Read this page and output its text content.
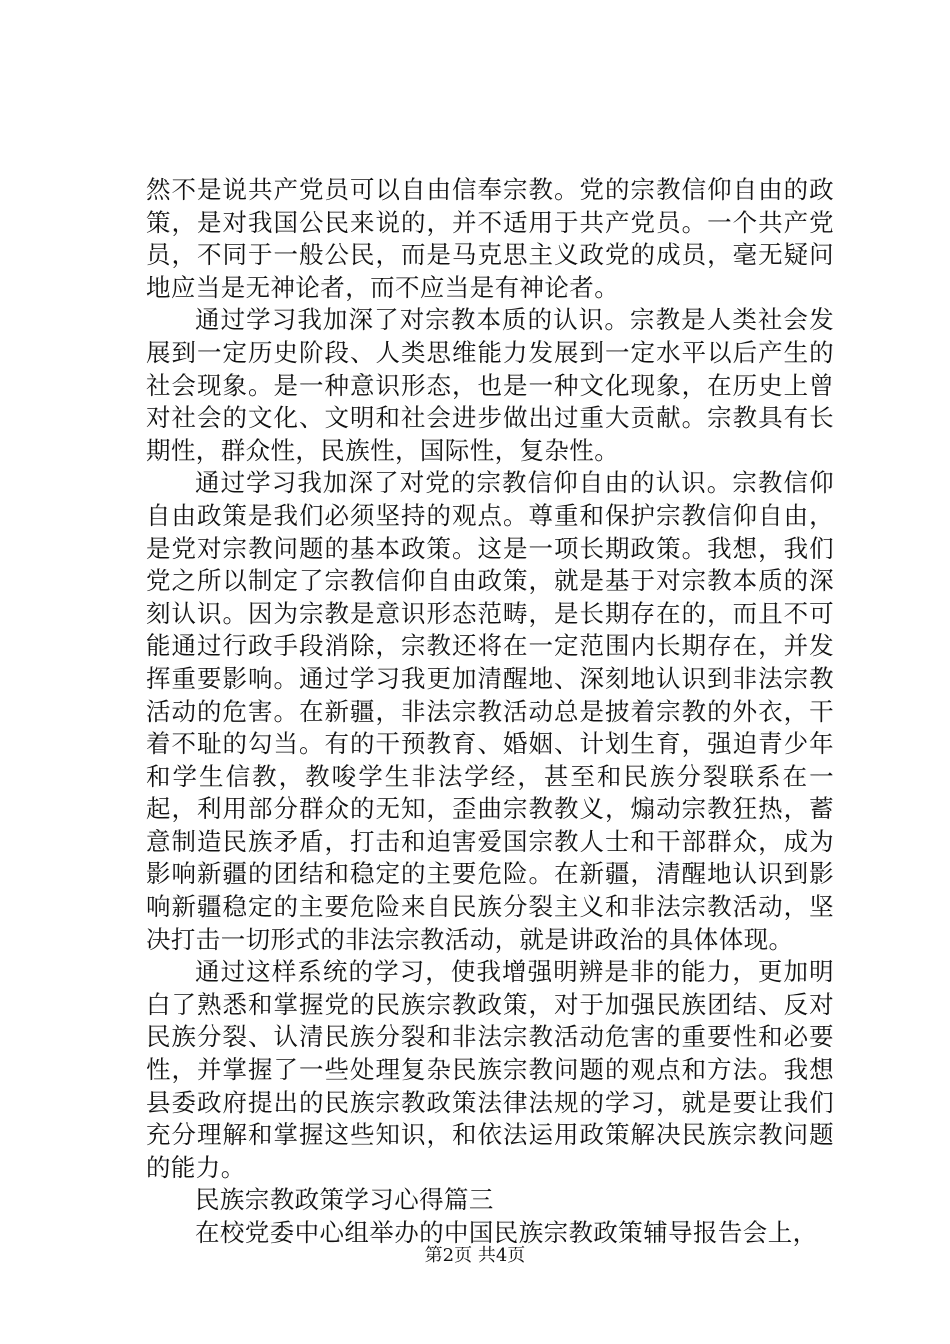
然不是说共产党员可以自由信奉宗教。党的宗教信仰自由的政策，是对我国公民来说的，并不适用于共产党员。一个共产党员，不同于一般公民，而是马克思主义政党的成员，毫无疑问地应当是无神论者，而不应当是有神论者。

通过学习我加深了对宗教本质的认识。宗教是人类社会发展到一定历史阶段、人类思维能力发展到一定水平以后产生的社会现象。是一种意识形态，也是一种文化现象，在历史上曾对社会的文化、文明和社会进步做出过重大贡献。宗教具有长期性，群众性，民族性，国际性，复杂性。

通过学习我加深了对党的宗教信仰自由的认识。宗教信仰自由政策是我们必须坚持的观点。尊重和保护宗教信仰自由，是党对宗教问题的基本政策。这是一项长期政策。我想，我们党之所以制定了宗教信仰自由政策，就是基于对宗教本质的深刻认识。因为宗教是意识形态范畴，是长期存在的，而且不可能通过行政手段消除，宗教还将在一定范围内长期存在，并发挥重要影响。通过学习我更加清醒地、深刻地认识到非法宗教活动的危害。在新疆，非法宗教活动总是披着宗教的外衣，干着不耻的勾当。有的干预教育、婚姻、计划生育，强迫青少年和学生信教，教唆学生非法学经，甚至和民族分裂联系在一起，利用部分群众的无知，歪曲宗教教义，煽动宗教狂热，蓄意制造民族矛盾，打击和迫害爱国宗教人士和干部群众，成为影响新疆的团结和稳定的主要危险。在新疆，清醒地认识到影响新疆稳定的主要危险来自民族分裂主义和非法宗教活动，坚决打击一切形式的非法宗教活动，就是讲政治的具体体现。

通过这样系统的学习，使我增强明辨是非的能力，更加明白了熟悉和掌握党的民族宗教政策，对于加强民族团结、反对民族分裂、认清民族分裂和非法宗教活动危害的重要性和必要性，并掌握了一些处理复杂民族宗教问题的观点和方法。我想县委政府提出的民族宗教政策法律法规的学习，就是要让我们充分理解和掌握这些知识，和依法运用政策解决民族宗教问题的能力。

民族宗教政策学习心得篇三

在校党委中心组举办的中国民族宗教政策辅导报告会上，

第2页 共4页
